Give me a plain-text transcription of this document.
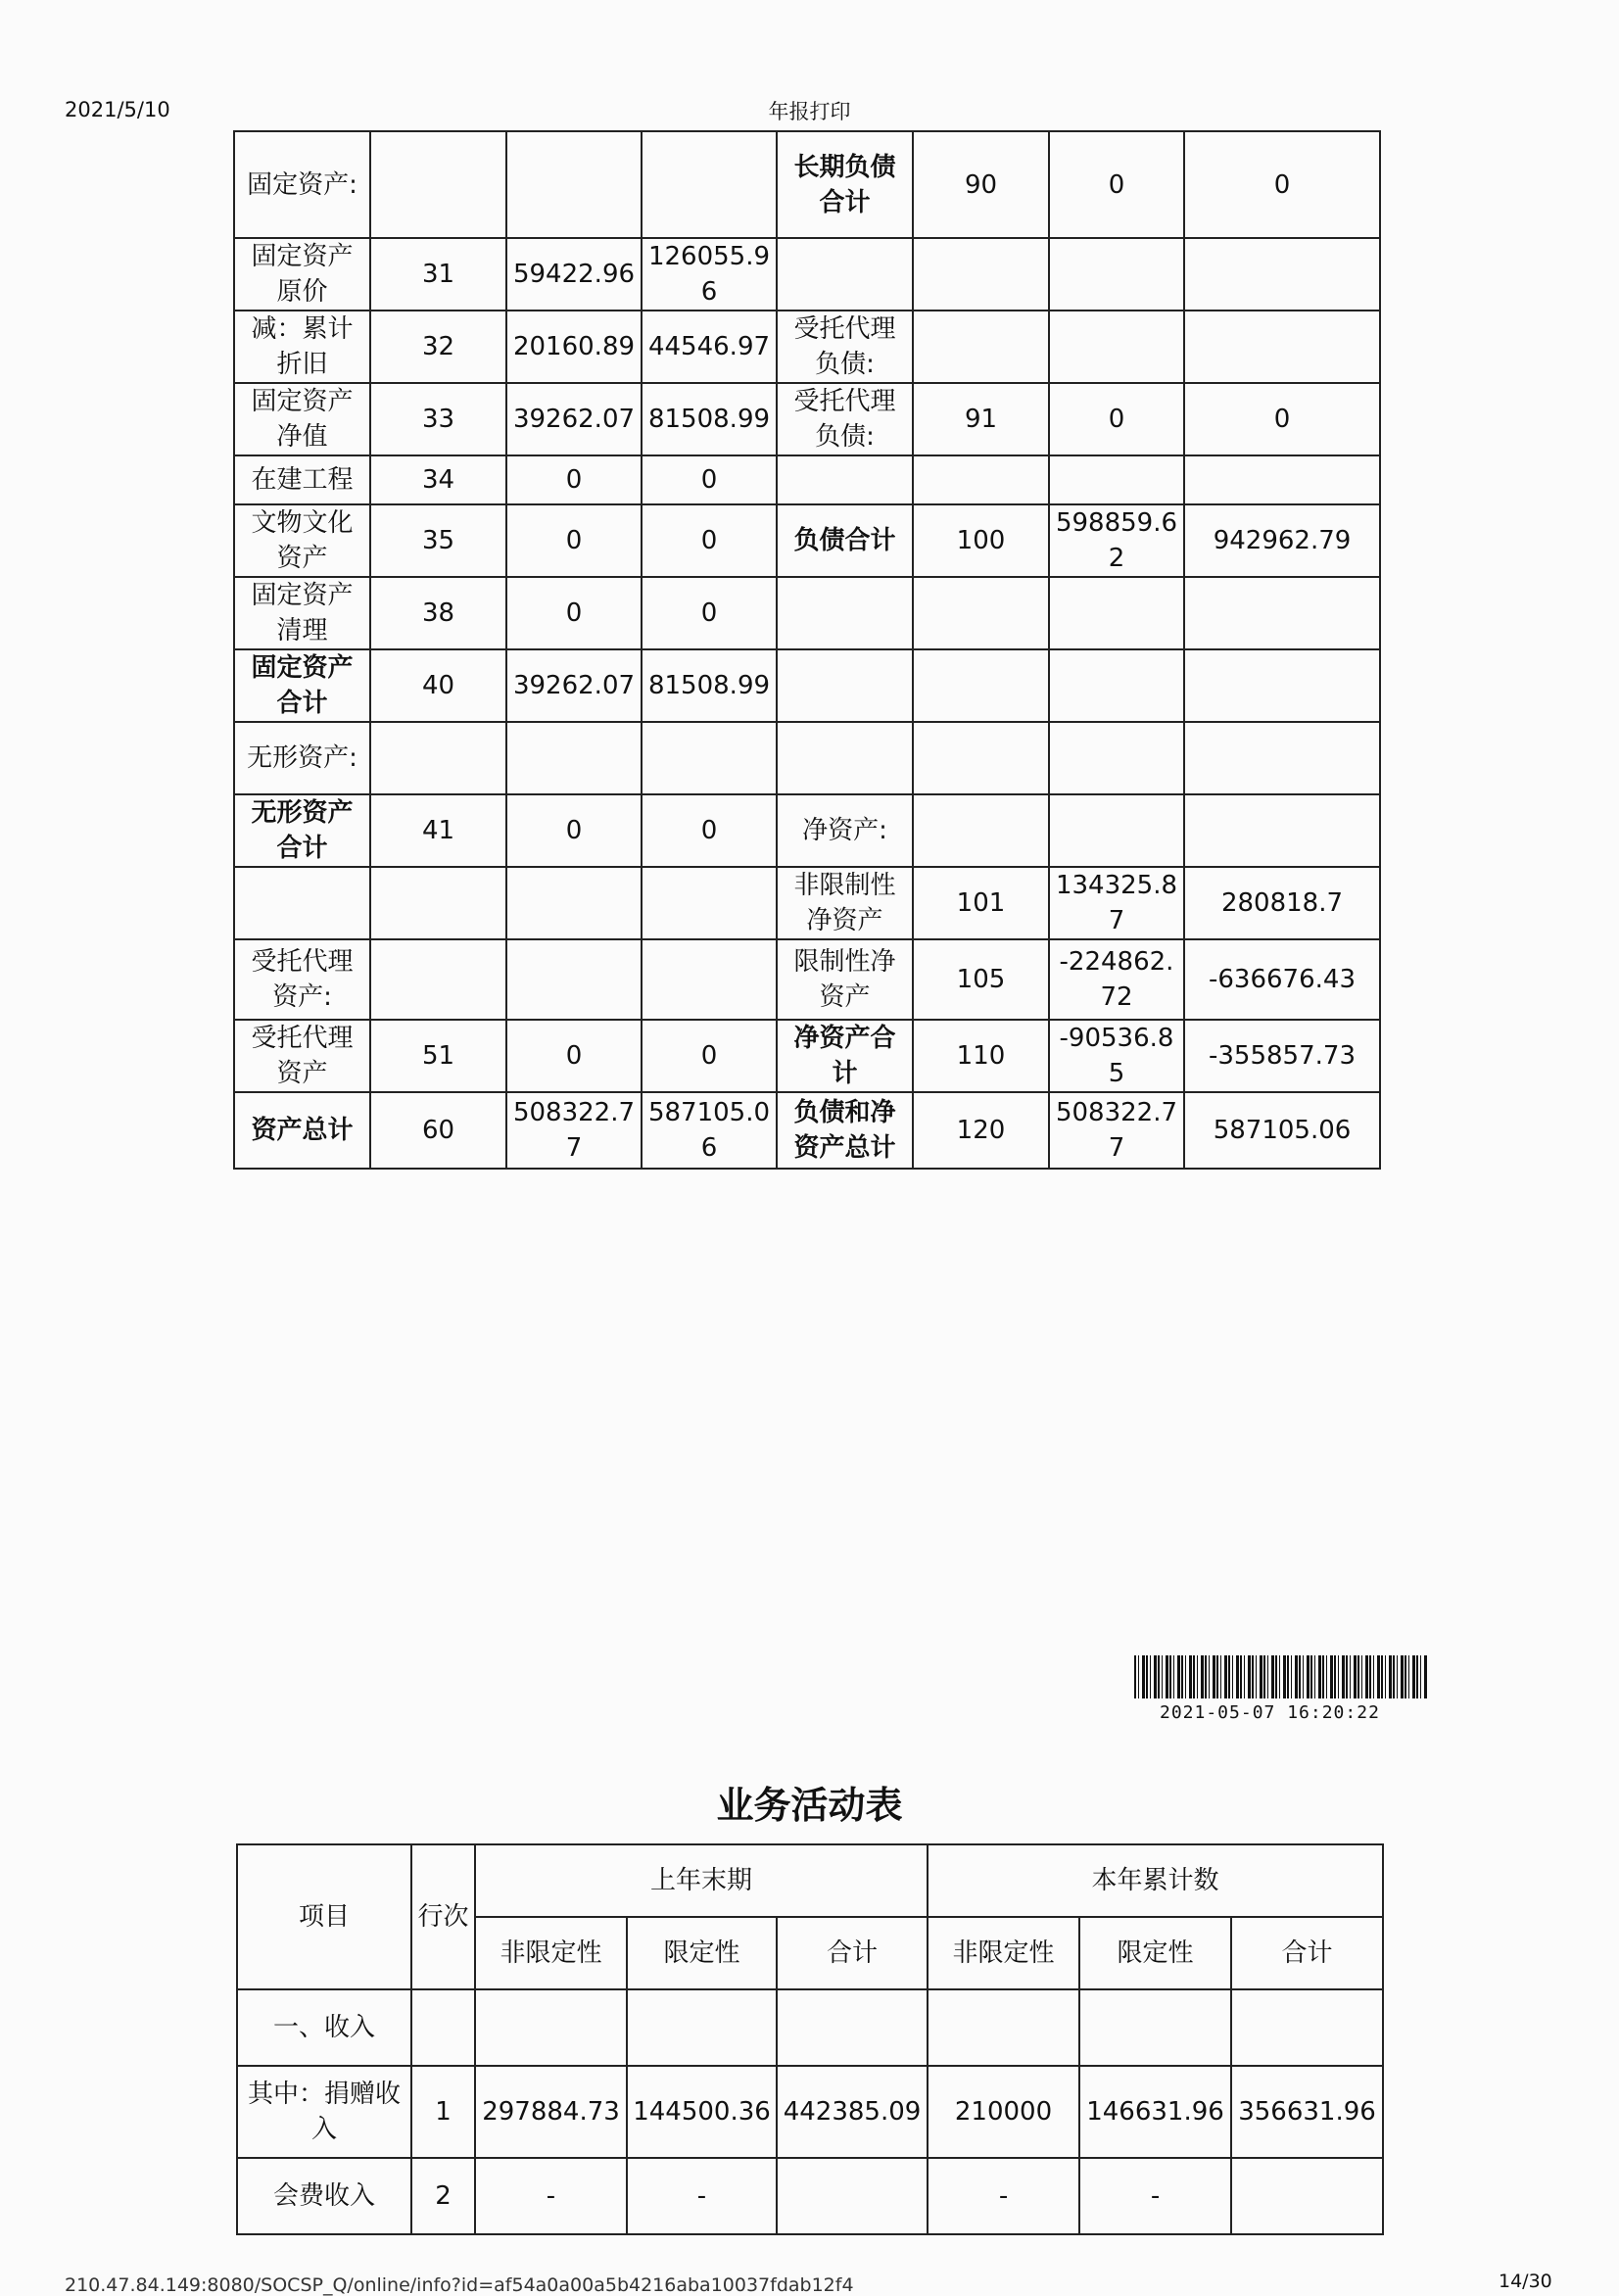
2021/5/10	年报打印
固定资产:				长期负债合计	90	0	0
固定资产原价	31	59422.96	126055.96				
减：累计折旧	32	20160.89	44546.97	受托代理负债:			
固定资产净值	33	39262.07	81508.99	受托代理负债:	91	0	0
在建工程	34	0	0				
文物文化资产	35	0	0	负债合计	100	598859.62	942962.79
固定资产清理	38	0	0				
固定资产合计	40	39262.07	81508.99				
无形资产:							
无形资产合计	41	0	0	净资产:			
				非限制性净资产	101	134325.87	280818.7
受托代理资产:				限制性净资产	105	-224862.72	-636676.43
受托代理资产	51	0	0	净资产合计	110	-90536.85	-355857.73
资产总计	60	508322.77	587105.06	负债和净资产总计	120	508322.77	587105.06
2021-05-07 16:20:22
业务活动表
项目	行次	上年末期			本年累计数		
		非限定性	限定性	合计	非限定性	限定性	合计
一、收入							
其中：捐赠收入	1	297884.73	144500.36	442385.09	210000	146631.96	356631.96
会费收入	2	-	-		-	-	
210.47.84.149:8080/SOCSP_Q/online/info?id=af54a0a00a5b4216aba10037fdab12f4	14/30
